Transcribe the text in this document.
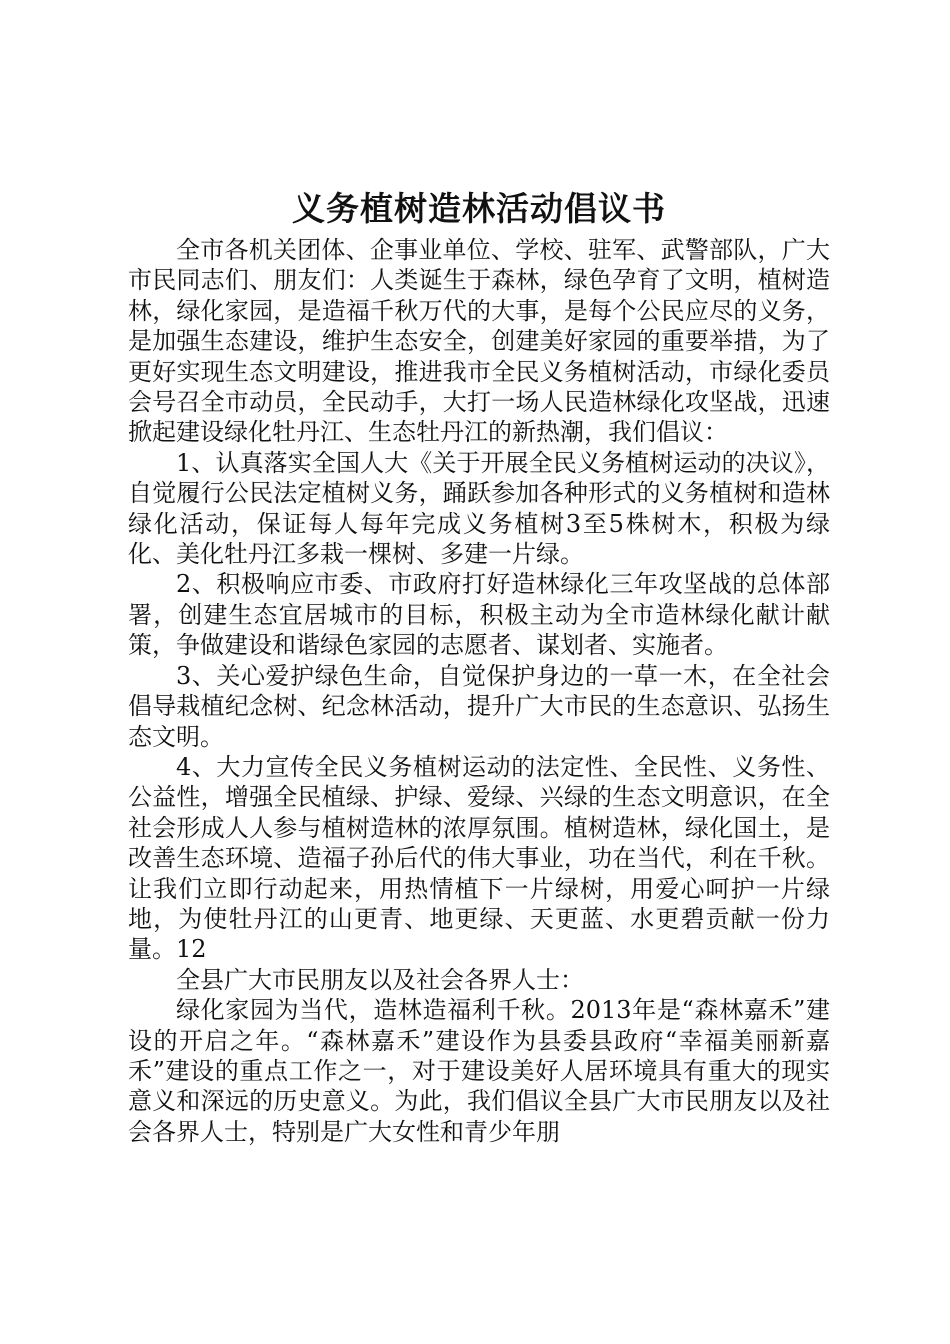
义务植树造林活动倡议书

全市各机关团体、企事业单位、学校、驻军、武警部队，广大市民同志们、朋友们：人类诞生于森林，绿色孕育了文明，植树造林，绿化家园，是造福千秋万代的大事，是每个公民应尽的义务，是加强生态建设，维护生态安全，创建美好家园的重要举措，为了更好实现生态文明建设，推进我市全民义务植树活动，市绿化委员会号召全市动员，全民动手，大打一场人民造林绿化攻坚战，迅速掀起建设绿化牡丹江、生态牡丹江的新热潮，我们倡议：

1、认真落实全国人大《关于开展全民义务植树运动的决议》，自觉履行公民法定植树义务，踊跃参加各种形式的义务植树和造林绿化活动，保证每人每年完成义务植树3至5株树木，积极为绿化、美化牡丹江多栽一棵树、多建一片绿。

2、积极响应市委、市政府打好造林绿化三年攻坚战的总体部署，创建生态宜居城市的目标，积极主动为全市造林绿化献计献策，争做建设和谐绿色家园的志愿者、谋划者、实施者。

3、关心爱护绿色生命，自觉保护身边的一草一木，在全社会倡导栽植纪念树、纪念林活动，提升广大市民的生态意识、弘扬生态文明。

4、大力宣传全民义务植树运动的法定性、全民性、义务性、公益性，增强全民植绿、护绿、爱绿、兴绿的生态文明意识，在全社会形成人人参与植树造林的浓厚氛围。植树造林，绿化国土，是改善生态环境、造福子孙后代的伟大事业，功在当代，利在千秋。让我们立即行动起来，用热情植下一片绿树，用爱心呵护一片绿地，为使牡丹江的山更青、地更绿、天更蓝、水更碧贡献一份力量。12

全县广大市民朋友以及社会各界人士：

绿化家园为当代，造林造福利千秋。2013年是“森林嘉禾”建设的开启之年。“森林嘉禾”建设作为县委县政府“幸福美丽新嘉禾”建设的重点工作之一，对于建设美好人居环境具有重大的现实意义和深远的历史意义。为此，我们倡议全县广大市民朋友以及社会各界人士，特别是广大女性和青少年朋
